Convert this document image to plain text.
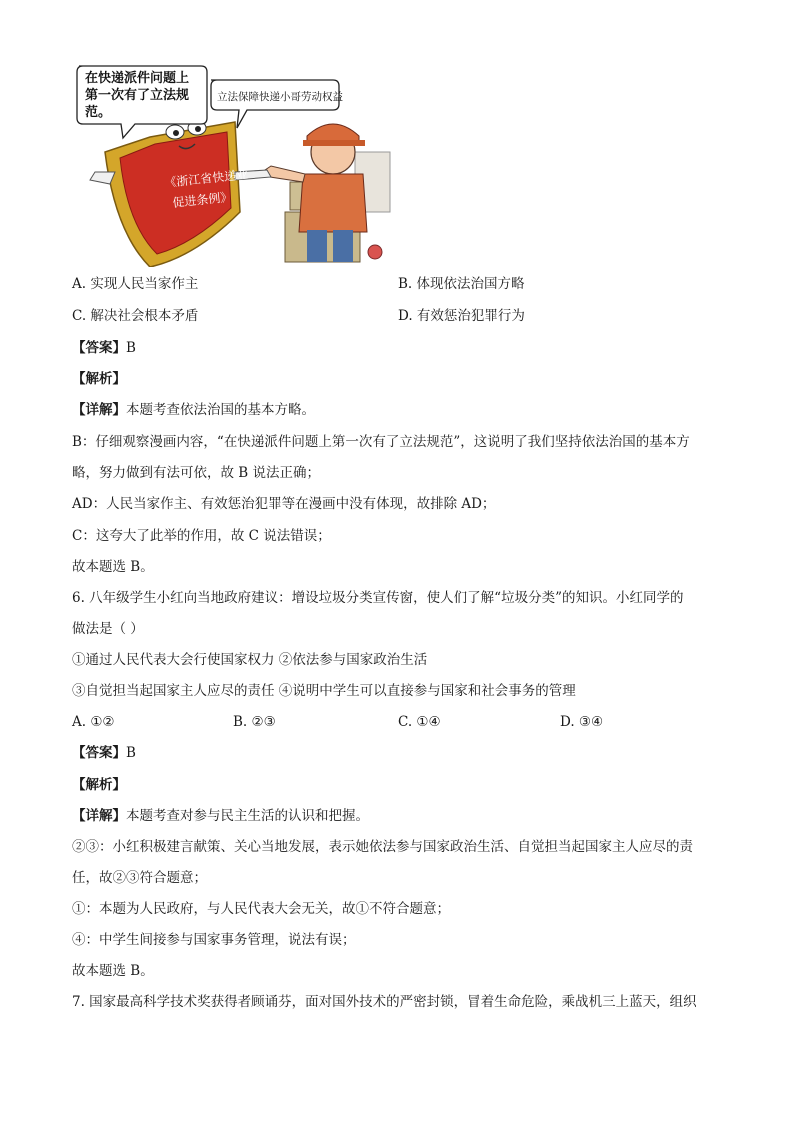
《浙江省快递业
促进条例》
在快递派件问题上
第一次有了立法规
范。
立法保障快递小哥劳动权益
A. 实现人民当家作主	B. 体现依法治国方略
C. 解决社会根本矛盾	D. 有效惩治犯罪行为
【答案】B
【解析】
【详解】本题考查依法治国的基本方略。
B：仔细观察漫画内容，“在快递派件问题上第一次有了立法规范”，这说明了我们坚持依法治国的基本方
略，努力做到有法可依，故 B 说法正确；
AD：人民当家作主、有效惩治犯罪等在漫画中没有体现，故排除 AD；
C：这夸大了此举的作用，故 C 说法错误；
故本题选 B。
6. 八年级学生小红向当地政府建议：增设垃圾分类宣传窗，使人们了解“垃圾分类”的知识。小红同学的
做法是（ ）
①通过人民代表大会行使国家权力 ②依法参与国家政治生活
③自觉担当起国家主人应尽的责任 ④说明中学生可以直接参与国家和社会事务的管理
A. ①②	B. ②③	C. ①④	D. ③④
【答案】B
【解析】
【详解】本题考查对参与民主生活的认识和把握。
②③：小红积极建言献策、关心当地发展，表示她依法参与国家政治生活、自觉担当起国家主人应尽的责
任，故②③符合题意；
①：本题为人民政府，与人民代表大会无关，故①不符合题意；
④：中学生间接参与国家事务管理，说法有误；
故本题选 B。
7. 国家最高科学技术奖获得者顾诵芬，面对国外技术的严密封锁，冒着生命危险，乘战机三上蓝天，组织
